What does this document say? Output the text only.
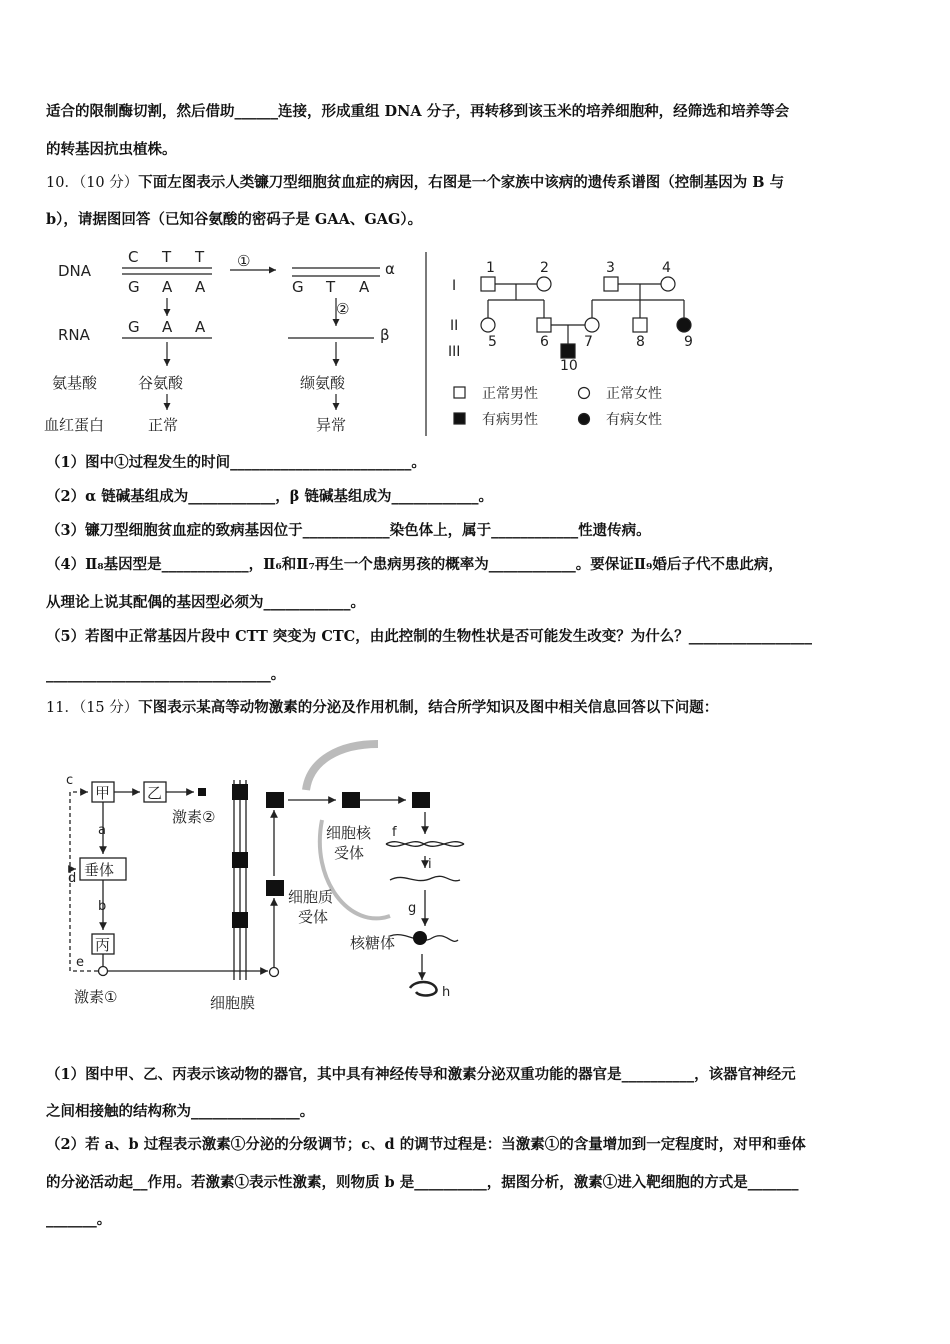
适合的限制酶切割，然后借助______连接，形成重组 DNA 分子，再转移到该玉米的培养细胞种，经筛选和培养等会
的转基因抗虫植株。
10．（10 分）下面左图表示人类镰刀型细胞贫血症的病因，右图是一个家族中该病的遗传系谱图（控制基因为 B 与
b），请据图回答（已知谷氨酸的密码子是 GAA、GAG）。
DNA
RNA
氨基酸
血红蛋白
C T T
G A A
G A A
G T A
①
②
α
β
谷氨酸	缬氨酸
正常	异常
I
II
III
1	2	3	4
5	6	7	8	9
10
正常男性	正常女性
有病男性	有病女性
（1）图中①过程发生的时间_________________________。
（2）α 链碱基组成为____________，β 链碱基组成为____________。
（3）镰刀型细胞贫血症的致病基因位于____________染色体上，属于____________性遗传病。
（4）Ⅱ₈基因型是____________，Ⅱ₆和Ⅱ₇再生一个患病男孩的概率为____________。要保证Ⅱ₉婚后子代不患此病，
从理论上说其配偶的基因型必须为____________。
（5）若图中正常基因片段中 CTT 突变为 CTC，由此控制的生物性状是否可能发生改变？为什么？_________________
_______________________________。
11．（15 分）下图表示某高等动物激素的分泌及作用机制，结合所学知识及图中相关信息回答以下问题：
甲 乙
垂体
丙
激素②
激素①	细胞膜
细胞核
受体
细胞质
受体
核糖体
a
b
c
d
e
f
g
h
i
（1）图中甲、乙、丙表示该动物的器官，其中具有神经传导和激素分泌双重功能的器官是__________，该器官神经元
之间相接触的结构称为_______________。
（2）若 a、b 过程表示激素①分泌的分级调节；c、d 的调节过程是：当激素①的含量增加到一定程度时，对甲和垂体
的分泌活动起__作用。若激素①表示性激素，则物质 b 是__________，据图分析，激素①进入靶细胞的方式是_______
_______。
